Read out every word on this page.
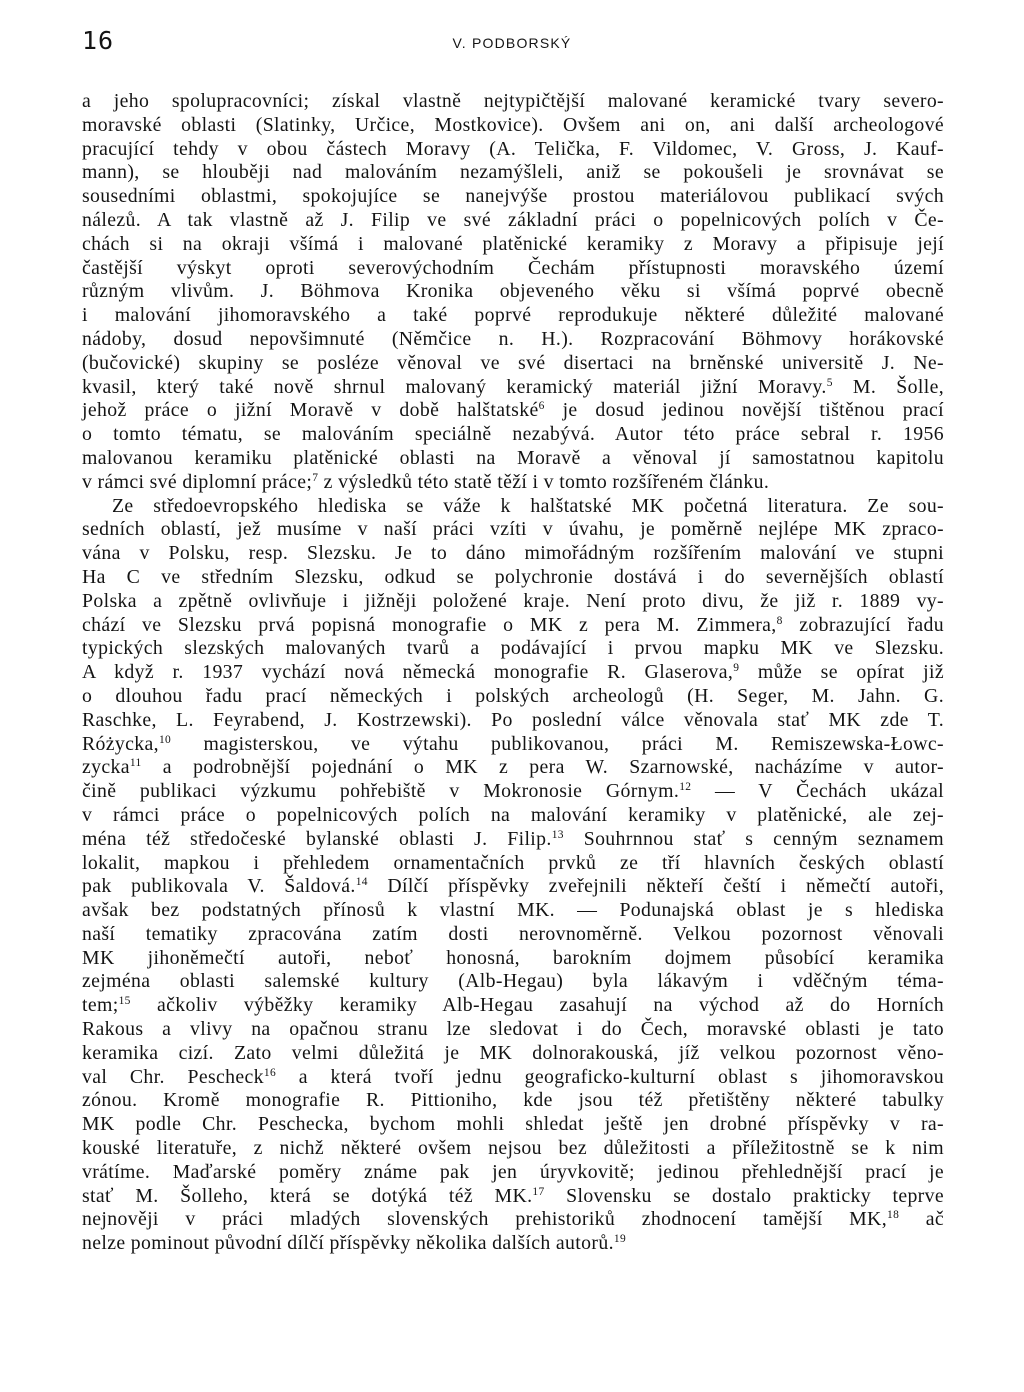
16	V. PODBORSKÝ
a jeho spolupracovníci; získal vlastně nejtypičtější malované keramické tvary severo-
moravské oblasti (Slatinky, Určice, Mostkovice). Ovšem ani on, ani další archeologové
pracující tehdy v obou částech Moravy (A. Telička, F. Vildomec, V. Gross, J. Kauf-
mann), se hlouběji nad malováním nezamýšleli, aniž se pokoušeli je srovnávat se
sousedními oblastmi, spokojujíce se nanejvýše prostou materiálovou publikací svých
nálezů. A tak vlastně až J. Filip ve své základní práci o popelnicových polích v Če-
chách si na okraji všímá i malované platěnické keramiky z Moravy a připisuje její
častější výskyt oproti severovýchodním Čechám přístupnosti moravského území
různým vlivům. J. Böhmova Kronika objeveného věku si všímá poprvé obecně
i malování jihomoravského a také poprvé reprodukuje některé důležité malované
nádoby, dosud nepovšimnuté (Němčice n. H.). Rozpracování Böhmovy horákovské
(bučovické) skupiny se posléze věnoval ve své disertaci na brněnské universitě J. Ne-
kvasil, který také nově shrnul malovaný keramický materiál jižní Moravy.$^5$ M. Šolle,
jehož práce o jižní Moravě v době halštatské$^6$ je dosud jedinou novější tištěnou prací
o tomto tématu, se malováním speciálně nezabývá. Autor této práce sebral r. 1956
malovanou keramiku platěnické oblasti na Moravě a věnoval jí samostatnou kapitolu
v rámci své diplomní práce;$^7$ z výsledků této statě těží i v tomto rozšířeném článku.
Ze středoevropského hlediska se váže k halštatské MK početná literatura. Ze sou-
sedních oblastí, jež musíme v naší práci vzíti v úvahu, je poměrně nejlépe MK zpraco-
vána v Polsku, resp. Slezsku. Je to dáno mimořádným rozšířením malování ve stupni
Ha C ve středním Slezsku, odkud se polychronie dostává i do severnějších oblastí
Polska a zpětně ovlivňuje i jižněji položené kraje. Není proto divu, že již r. 1889 vy-
chází ve Slezsku prvá popisná monografie o MK z pera M. Zimmera,$^8$ zobrazující řadu
typických slezských malovaných tvarů a podávající i prvou mapku MK ve Slezsku.
A když r. 1937 vychází nová německá monografie R. Glaserova,$^9$ může se opírat již
o dlouhou řadu prací německých i polských archeologů (H. Seger, M. Jahn. G.
Raschke, L. Feyrabend, J. Kostrzewski). Po poslední válce věnovala stať MK zde T.
Różycka,$^{10}$ magisterskou, ve výtahu publikovanou, práci M. Remiszewska-Łowc-
zycka$^{11}$ a podrobnější pojednání o MK z pera W. Szarnowské, nacházíme v autor-
čině publikaci výzkumu pohřebiště v Mokronosie Górnym.$^{12}$ — V Čechách ukázal
v rámci práce o popelnicových polích na malování keramiky v platěnické, ale zej-
ména též středočeské bylanské oblasti J. Filip.$^{13}$ Souhrnnou stať s cenným seznamem
lokalit, mapkou i přehledem ornamentačních prvků ze tří hlavních českých oblastí
pak publikovala V. Šaldová.$^{14}$ Dílčí příspěvky zveřejnili někteří čeští i němečtí autoři,
avšak bez podstatných přínosů k vlastní MK. — Podunajská oblast je s hlediska
naší tematiky zpracována zatím dosti nerovnoměrně. Velkou pozornost věnovali
MK jihoněmečtí autoři, neboť honosná, barokním dojmem působící keramika
zejména oblasti salemské kultury (Alb-Hegau) byla lákavým i vděčným téma-
tem;$^{15}$ ačkoliv výběžky keramiky Alb-Hegau zasahují na východ až do Horních
Rakous a vlivy na opačnou stranu lze sledovat i do Čech, moravské oblasti je tato
keramika cizí. Zato velmi důležitá je MK dolnorakouská, jíž velkou pozornost věno-
val Chr. Pescheck$^{16}$ a která tvoří jednu geograficko-kulturní oblast s jihomoravskou
zónou. Kromě monografie R. Pittioniho, kde jsou též přetištěny některé tabulky
MK podle Chr. Peschecka, bychom mohli shledat ještě jen drobné příspěvky v ra-
kouské literatuře, z nichž některé ovšem nejsou bez důležitosti a příležitostně se k nim
vrátíme. Maďarské poměry známe pak jen úryvkovitě; jedinou přehlednější prací je
stať M. Šolleho, která se dotýká též MK.$^{17}$ Slovensku se dostalo prakticky teprve
nejnověji v práci mladých slovenských prehistoriků zhodnocení tamější MK,$^{18}$ ač
nelze pominout původní dílčí příspěvky několika dalších autorů.$^{19}$
